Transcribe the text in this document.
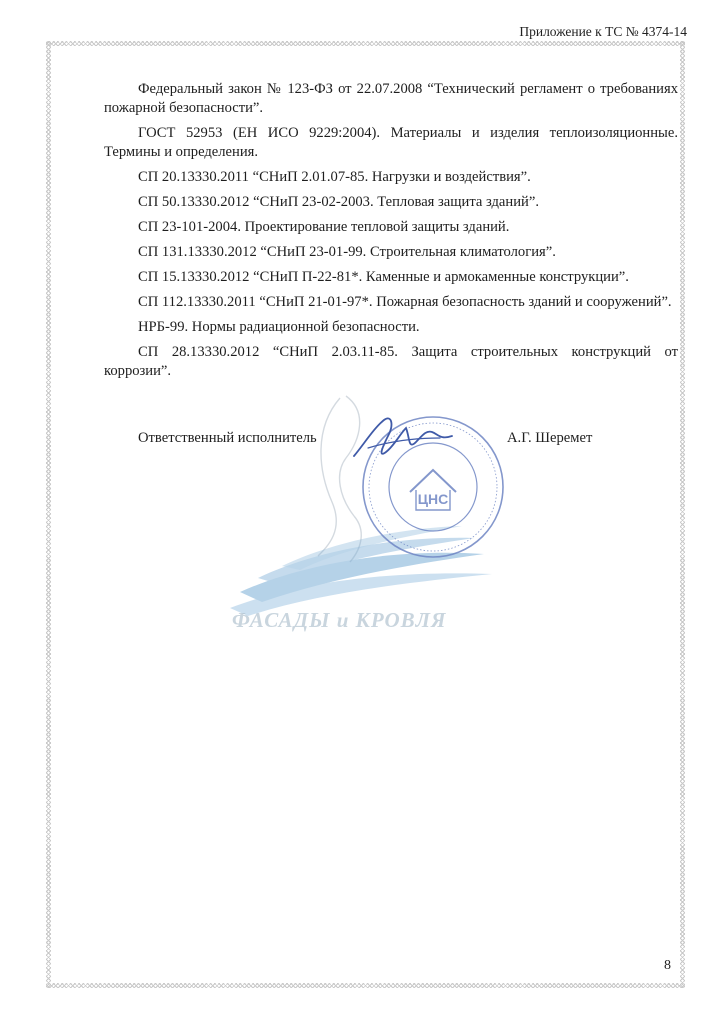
Приложение к ТС № 4374-14
ФАСАДЫ и КРОВЛЯ

Федеральный закон № 123-ФЗ от 22.07.2008 “Технический регламент о требованиях пожарной безопасности”.

ГОСТ 52953 (ЕН ИСО 9229:2004). Материалы и изделия теплоизоляционные. Термины и определения.

СП 20.13330.2011 “СНиП 2.01.07-85. Нагрузки и воздействия”.

СП 50.13330.2012 “СНиП 23-02-2003. Тепловая защита зданий”.

СП 23-101-2004. Проектирование тепловой защиты зданий.

СП 131.13330.2012 “СНиП 23-01-99. Строительная климатология”.

СП 15.13330.2012 “СНиП П-22-81*. Каменные и армокаменные конструкции”.

СП 112.13330.2011 “СНиП 21-01-97*. Пожарная безопасность зданий и сооружений”.

НРБ-99. Нормы радиационной безопасности.

СП 28.13330.2012 “СНиП 2.03.11-85. Защита строительных конструкций от коррозии”.

ЦНС
Ответственный исполнитель	А.Г. Шеремет
8
